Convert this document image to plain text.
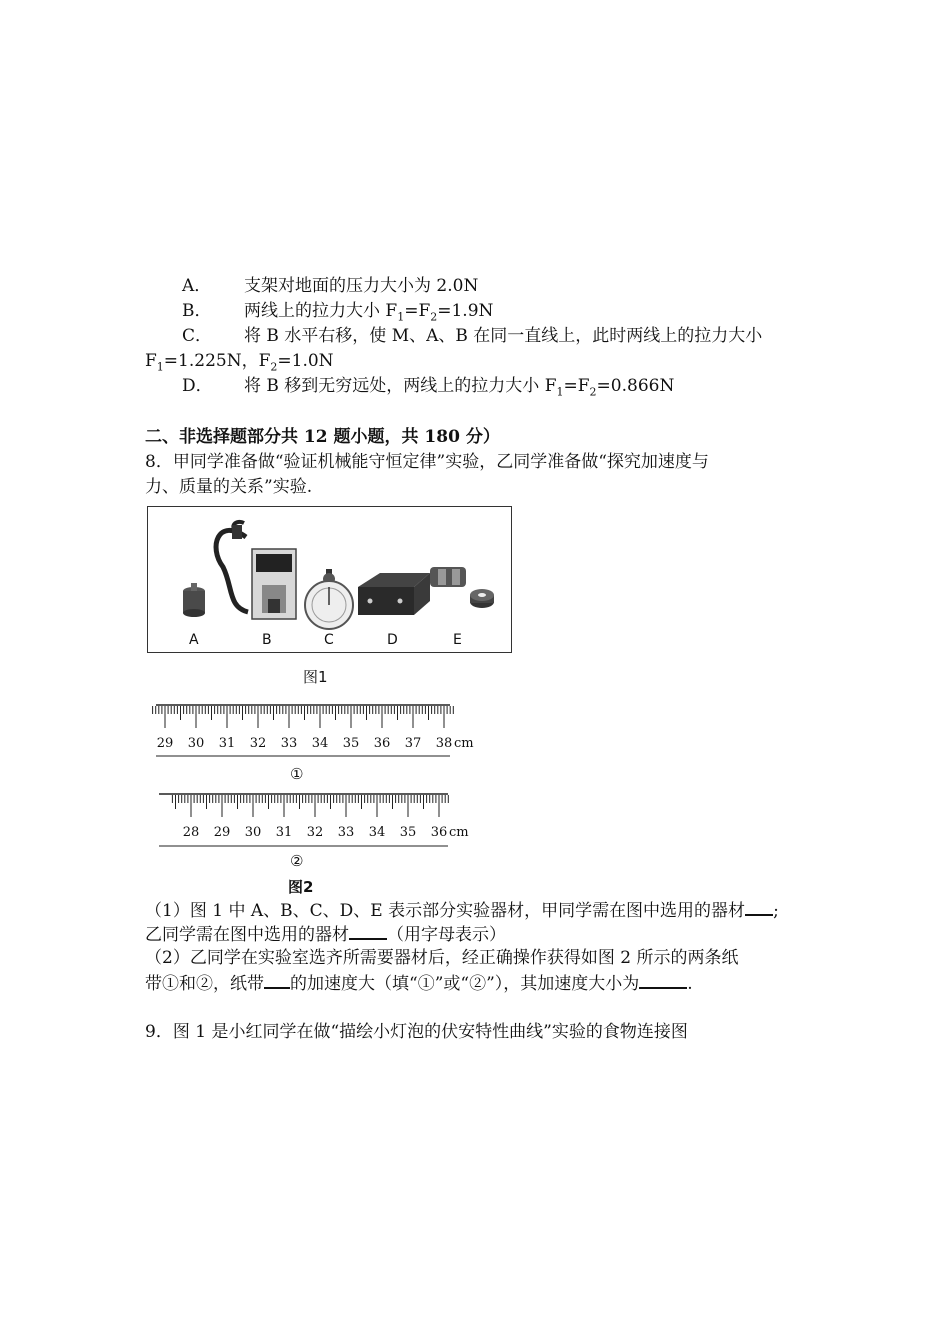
A． 支架对地面的压力大小为 2.0N
B． 两线上的拉力大小 $F_1=F_2=1.9N$
C． 将 B 水平右移，使 M、A、B 在同一直线上，此时两线上的拉力大小
$F_1=1.225N$，$F_2=1.0N$
D． 将 B 移到无穷远处，两线上的拉力大小 $F_1=F_2=0.866N$
二、非选择题部分共 12 题小题，共 180 分）
8．甲同学准备做“验证机械能守恒定律”实验，乙同学准备做“探究加速度与
力、质量的关系”实验.
A	B	C	D	E
图1
29 30 31 32 33 34 35 36 37 38 cm
①
28 29 30 31 32 33 34 35 36 cm
②
图2
（1）图 1 中 A、B、C、D、E 表示部分实验器材，甲同学需在图中选用的器材 ;
乙同学需在图中选用的器材 （用字母表示）
（2）乙同学在实验室选齐所需要器材后，经正确操作获得如图 2 所示的两条纸
带①和②，纸带 的加速度大（填“①”或“②”），其加速度大小为	.
9．图 1 是小红同学在做“描绘小灯泡的伏安特性曲线”实验的食物连接图
